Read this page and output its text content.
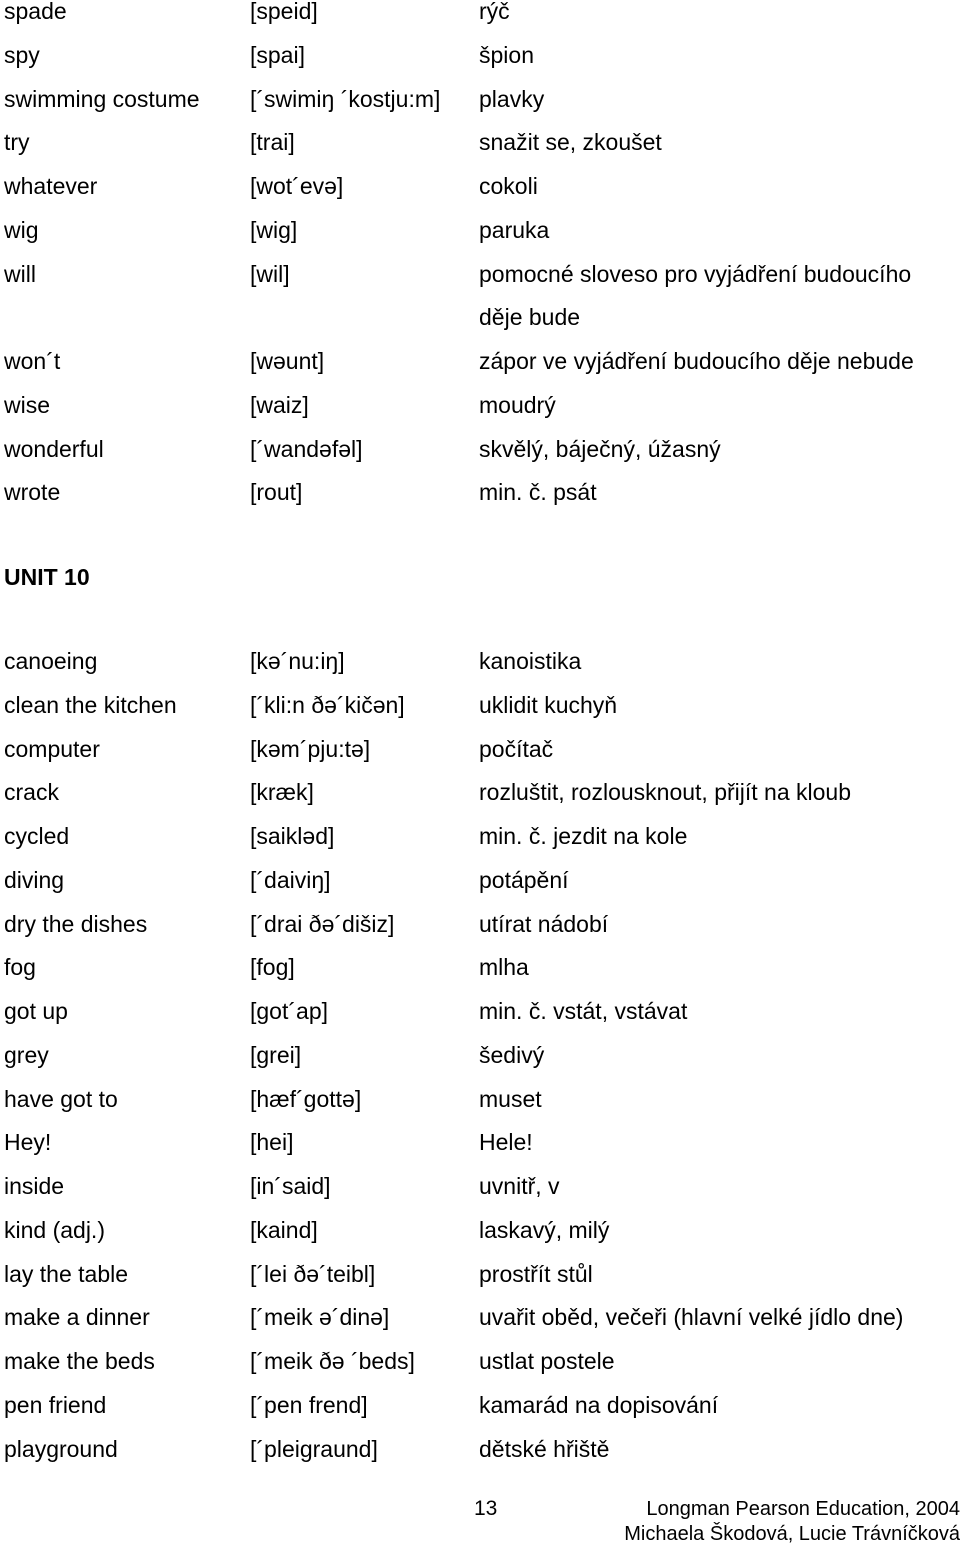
spade	[speid]	rýč
spy	[spai]	špion
swimming costume [´swimiŋ ´kostju:m] plavky
try	[trai]	snažit se, zkoušet
whatever	[wot´evə]	cokoli
wig	[wig]	paruka
will	[wil]	pomocné sloveso pro vyjádření budoucího
děje bude
won´t	[wəunt]	zápor ve vyjádření budoucího děje nebude
wise	[waiz]	moudrý
wonderful	[´wandəfəl]	skvělý, báječný, úžasný
wrote	[rout]	min. č. psát
UNIT 10
canoeing	[kə´nu:iŋ]	kanoistika
clean the kitchen	[´kli:n ðə´kičən]	uklidit kuchyň
computer	[kəm´pju:tə]	počítač
crack	[kræk]	rozluštit, rozlousknout, přijít na kloub
cycled	[saikləd]	min. č. jezdit na kole
diving	[´daiviŋ]	potápění
dry the dishes	[´drai ðə´dišiz]	utírat nádobí
fog	[fog]	mlha
got up	[got´ap]	min. č. vstát, vstávat
grey	[grei]	šedivý
have got to	[hæf´gottə]	muset
Hey!	[hei]	Hele!
inside	[in´said]	uvnitř, v
kind (adj.)	[kaind]	laskavý, milý
lay the table	[´lei ðə´teibl]	prostřít stůl
make a dinner	[´meik ə´dinə]	uvařit oběd, večeři (hlavní velké jídlo dne)
make the beds	[´meik ðə ´beds]	ustlat postele
pen friend	[´pen frend]	kamarád na dopisování
playground	[´pleigraund]	dětské hřiště
13	Longman Pearson Education, 2004
Michaela Škodová, Lucie Trávníčková
